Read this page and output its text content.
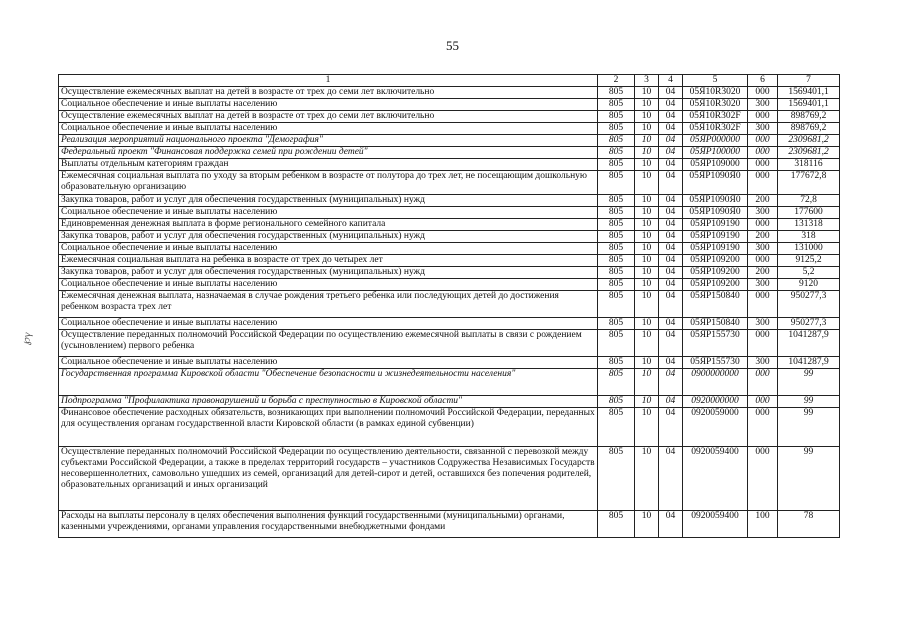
55
℘γ
1	2	3	4	5	6	7
Осуществление ежемесячных выплат на детей в возрасте от трех до семи лет включительно	805	10	04	05Я10R3020	000	1569401,1
Социальное обеспечение и иные выплаты населению	805	10	04	05Я10R3020	300	1569401,1
Осуществление ежемесячных выплат на детей в возрасте от трех до семи лет включительно	805	10	04	05Я10R302F	000	898769,2
Социальное обеспечение и иные выплаты населению	805	10	04	05Я10R302F	300	898769,2
Реализация мероприятий национального проекта "Демография"	805	10	04	05ЯP000000	000	2309681,2
Федеральный проект "Финансовая поддержка семей при рождении детей"	805	10	04	05ЯP100000	000	2309681,2
Выплаты отдельным категориям граждан	805	10	04	05ЯP109000	000	318116
Ежемесячная социальная выплата по уходу за вторым ребенком в возрасте от полутора до трех лет, не посещающим дошкольную образовательную организацию	805	10	04	05ЯP1090Я0	000	177672,8
Закупка товаров, работ и услуг для обеспечения государственных (муниципальных) нужд	805	10	04	05ЯP1090Я0	200	72,8
Социальное обеспечение и иные выплаты населению	805	10	04	05ЯP1090Я0	300	177600
Единовременная денежная выплата в форме регионального семейного капитала	805	10	04	05ЯP109190	000	131318
Закупка товаров, работ и услуг для обеспечения государственных (муниципальных) нужд	805	10	04	05ЯP109190	200	318
Социальное обеспечение и иные выплаты населению	805	10	04	05ЯP109190	300	131000
Ежемесячная социальная выплата на ребенка в возрасте от трех до четырех лет	805	10	04	05ЯP109200	000	9125,2
Закупка товаров, работ и услуг для обеспечения государственных (муниципальных) нужд	805	10	04	05ЯP109200	200	5,2
Социальное обеспечение и иные выплаты населению	805	10	04	05ЯP109200	300	9120
Ежемесячная денежная выплата, назначаемая в случае рождения третьего ребенка или последующих детей до достижения ребенком возраста трех лет	805	10	04	05ЯP150840	000	950277,3
Социальное обеспечение и иные выплаты населению	805	10	04	05ЯP150840	300	950277,3
Осуществление переданных полномочий Российской Федерации по осуществлению ежемесячной выплаты в связи с рождением (усыновлением) первого ребенка	805	10	04	05ЯP155730	000	1041287,9
Социальное обеспечение и иные выплаты населению	805	10	04	05ЯP155730	300	1041287,9
Государственная программа Кировской области "Обеспечение безопасности и жизнедеятельности населения"	805	10	04	0900000000	000	99
Подпрограмма "Профилактика правонарушений и борьба с преступностью в Кировской области"	805	10	04	0920000000	000	99
Финансовое обеспечение расходных обязательств, возникающих при выполнении полномочий Российской Федерации, переданных для осуществления органам государственной власти Кировской области (в рамках единой субвенции)	805	10	04	0920059000	000	99
Осуществление переданных полномочий Российской Федерации по осуществлению деятельности, связанной с перевозкой между субъектами Российской Федерации, а также в пределах территорий государств – участников Содружества Независимых Государств несовершеннолетних, самовольно ушедших из семей, организаций для детей-сирот и детей, оставшихся без попечения родителей, образовательных организаций и иных организаций	805	10	04	0920059400	000	99
Расходы на выплаты персоналу в целях обеспечения выполнения функций государственными (муниципальными) органами, казенными учреждениями, органами управления государственными внебюджетными фондами	805	10	04	0920059400	100	78
